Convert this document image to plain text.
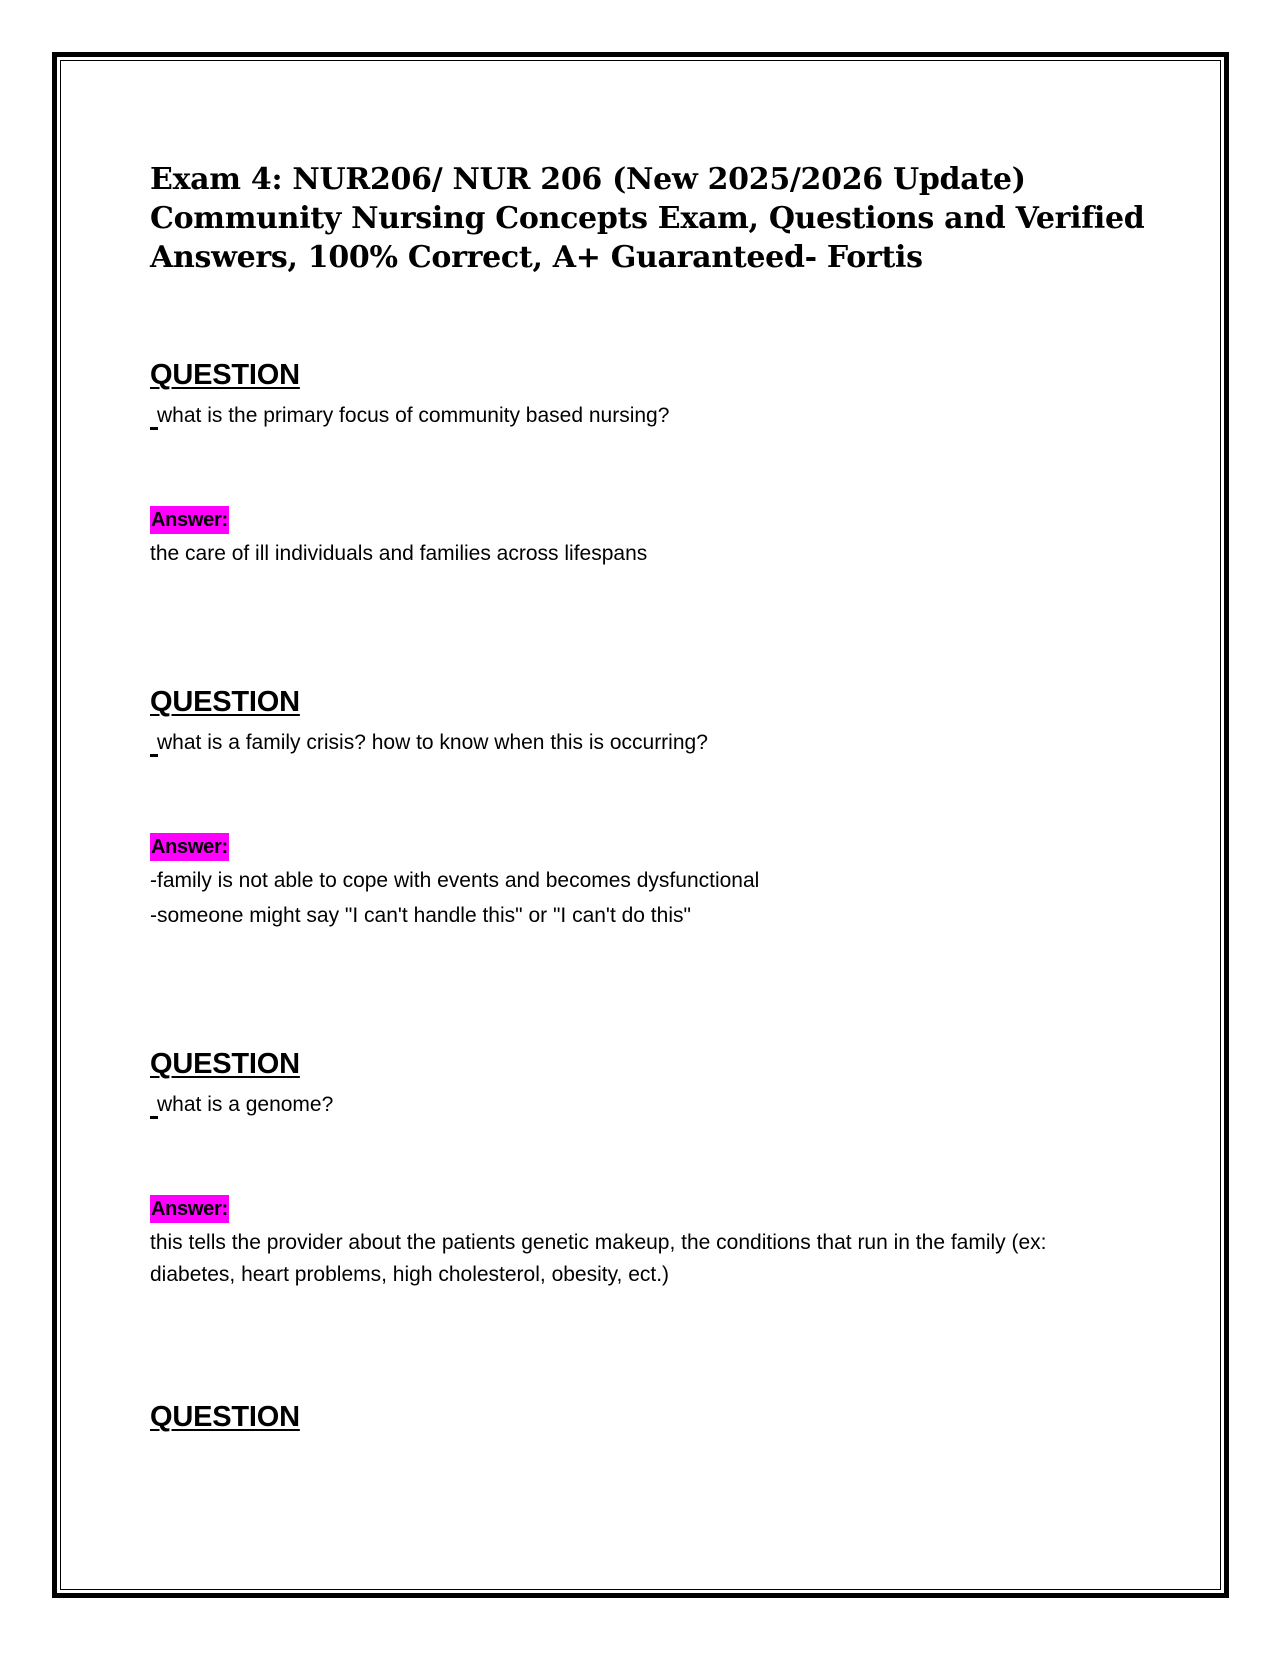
Exam 4: NUR206/ NUR 206 (New 2025/2026 Update)
Community Nursing Concepts Exam, Questions and Verified
Answers, 100% Correct, A+ Guaranteed- Fortis
QUESTION
what is the primary focus of community based nursing?
Answer:
the care of ill individuals and families across lifespans
QUESTION
what is a family crisis? how to know when this is occurring?
Answer:
-family is not able to cope with events and becomes dysfunctional
-someone might say "I can't handle this" or "I can't do this"
QUESTION
what is a genome?
Answer:
this tells the provider about the patients genetic makeup, the conditions that run in the family (ex:
diabetes, heart problems, high cholesterol, obesity, ect.)
QUESTION
